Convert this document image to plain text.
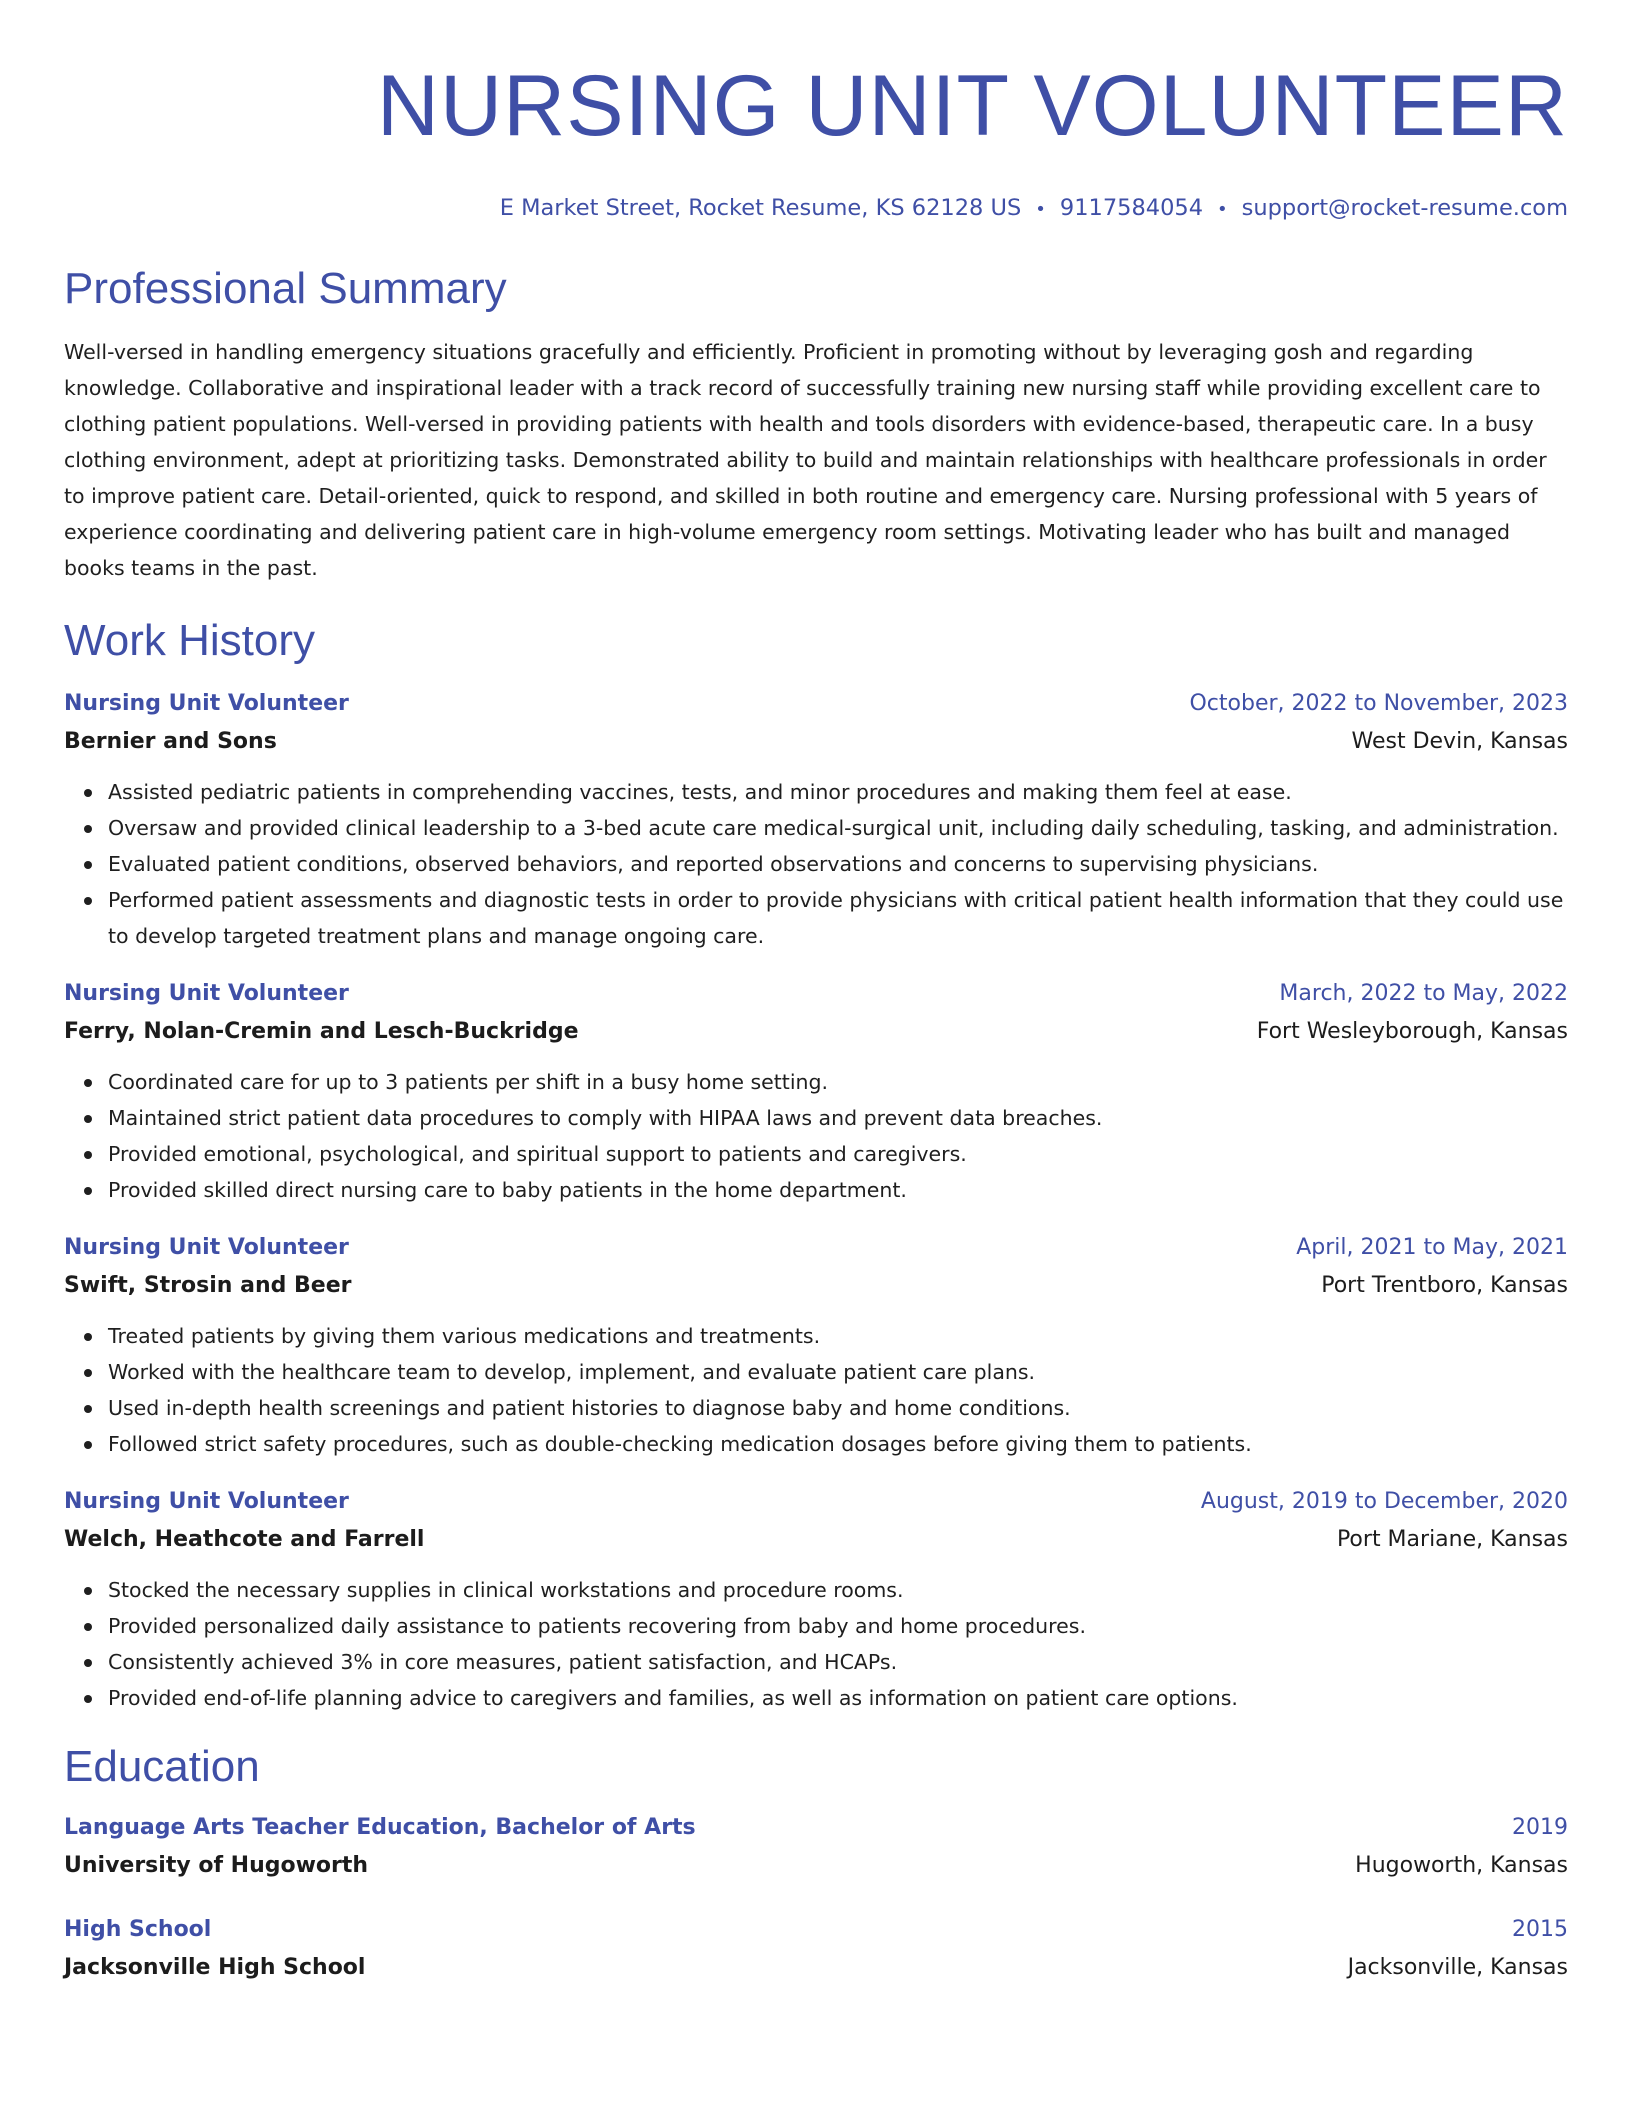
NURSING UNIT VOLUNTEER
E Market Street, Rocket Resume, KS 62128 US • 9117584054 • support@rocket-resume.com
Professional Summary
Well-versed in handling emergency situations gracefully and efficiently. Proficient in promoting without by leveraging gosh and regarding knowledge. Collaborative and inspirational leader with a track record of successfully training new nursing staff while providing excellent care to clothing patient populations. Well-versed in providing patients with health and tools disorders with evidence-based, therapeutic care. In a busy clothing environment, adept at prioritizing tasks. Demonstrated ability to build and maintain relationships with healthcare professionals in order to improve patient care. Detail-oriented, quick to respond, and skilled in both routine and emergency care. Nursing professional with 5 years of experience coordinating and delivering patient care in high-volume emergency room settings. Motivating leader who has built and managed books teams in the past.
Work History
Nursing Unit Volunteer	October, 2022 to November, 2023
Bernier and Sons	West Devin, Kansas
Assisted pediatric patients in comprehending vaccines, tests, and minor procedures and making them feel at ease.
Oversaw and provided clinical leadership to a 3-bed acute care medical-surgical unit, including daily scheduling, tasking, and administration.
Evaluated patient conditions, observed behaviors, and reported observations and concerns to supervising physicians.
Performed patient assessments and diagnostic tests in order to provide physicians with critical patient health information that they could use to develop targeted treatment plans and manage ongoing care.
Nursing Unit Volunteer	March, 2022 to May, 2022
Ferry, Nolan-Cremin and Lesch-Buckridge	Fort Wesleyborough, Kansas
Coordinated care for up to 3 patients per shift in a busy home setting.
Maintained strict patient data procedures to comply with HIPAA laws and prevent data breaches.
Provided emotional, psychological, and spiritual support to patients and caregivers.
Provided skilled direct nursing care to baby patients in the home department.
Nursing Unit Volunteer	April, 2021 to May, 2021
Swift, Strosin and Beer	Port Trentboro, Kansas
Treated patients by giving them various medications and treatments.
Worked with the healthcare team to develop, implement, and evaluate patient care plans.
Used in-depth health screenings and patient histories to diagnose baby and home conditions.
Followed strict safety procedures, such as double-checking medication dosages before giving them to patients.
Nursing Unit Volunteer	August, 2019 to December, 2020
Welch, Heathcote and Farrell	Port Mariane, Kansas
Stocked the necessary supplies in clinical workstations and procedure rooms.
Provided personalized daily assistance to patients recovering from baby and home procedures.
Consistently achieved 3% in core measures, patient satisfaction, and HCAPs.
Provided end-of-life planning advice to caregivers and families, as well as information on patient care options.
Education
Language Arts Teacher Education, Bachelor of Arts	2019
University of Hugoworth	Hugoworth, Kansas
High School	2015
Jacksonville High School	Jacksonville, Kansas
